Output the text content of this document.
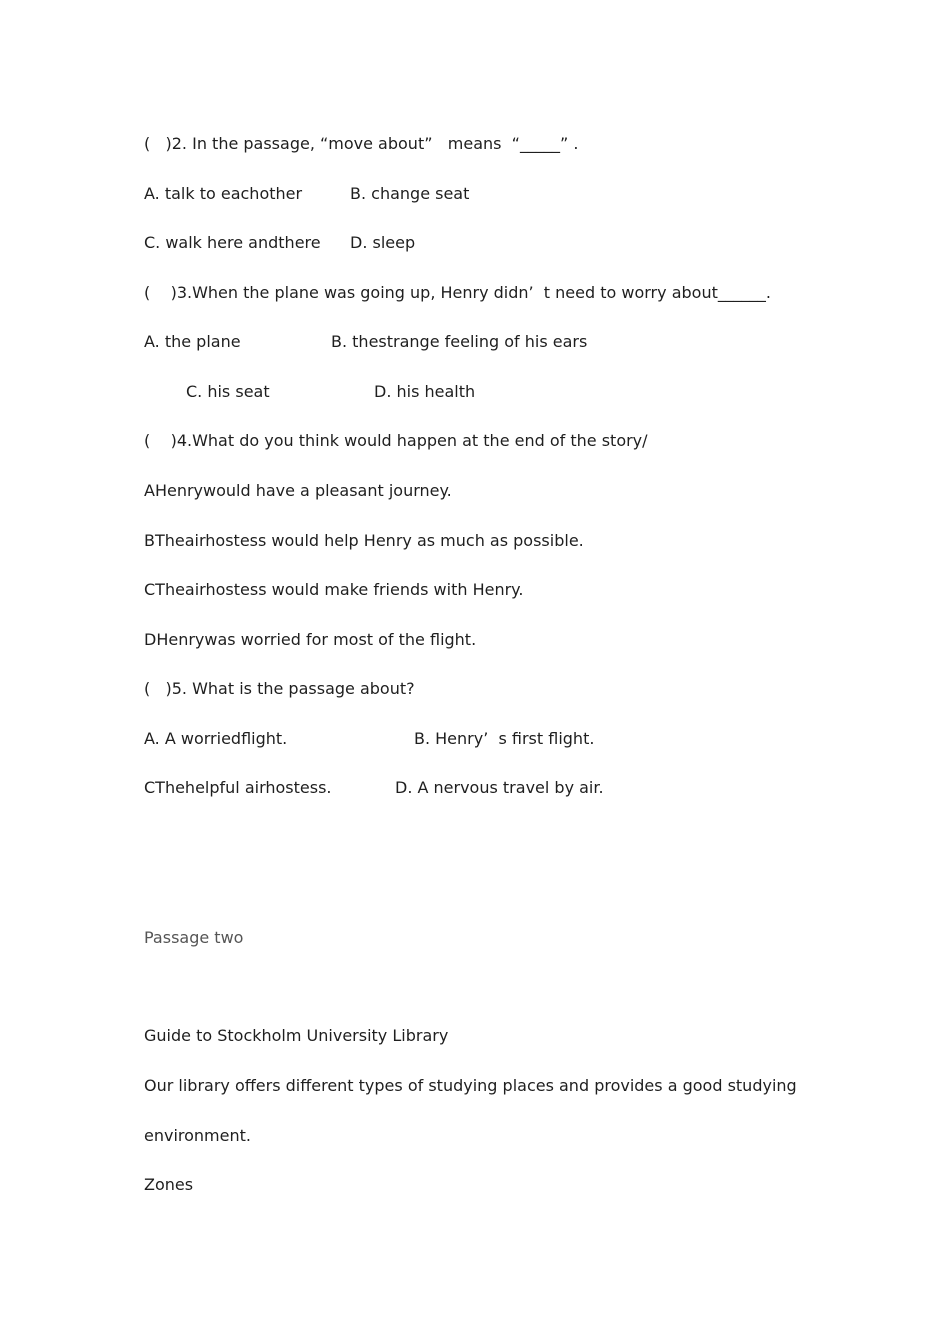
(   )2. In the passage, “move about”   means  “_____” .
A. talk to eachother	B. change seat
C. walk here andthere D. sleep
(    )3.When the plane was going up, Henry didn’  t need to worry about______.
A. the plane	B. thestrange feeling of his ears
C. his seat	D. his health
(    )4.What do you think would happen at the end of the story/
AHenrywould have a pleasant journey.
BTheairhostess would help Henry as much as possible.
CTheairhostess would make friends with Henry.
DHenrywas worried for most of the flight.
(   )5. What is the passage about?
A. A worriedflight.	B. Henry’  s first flight.
CThehelpful airhostess.	D. A nervous travel by air.
Passage two
Guide to Stockholm University Library
Our library offers different types of studying places and provides a good studying
environment.
Zones
